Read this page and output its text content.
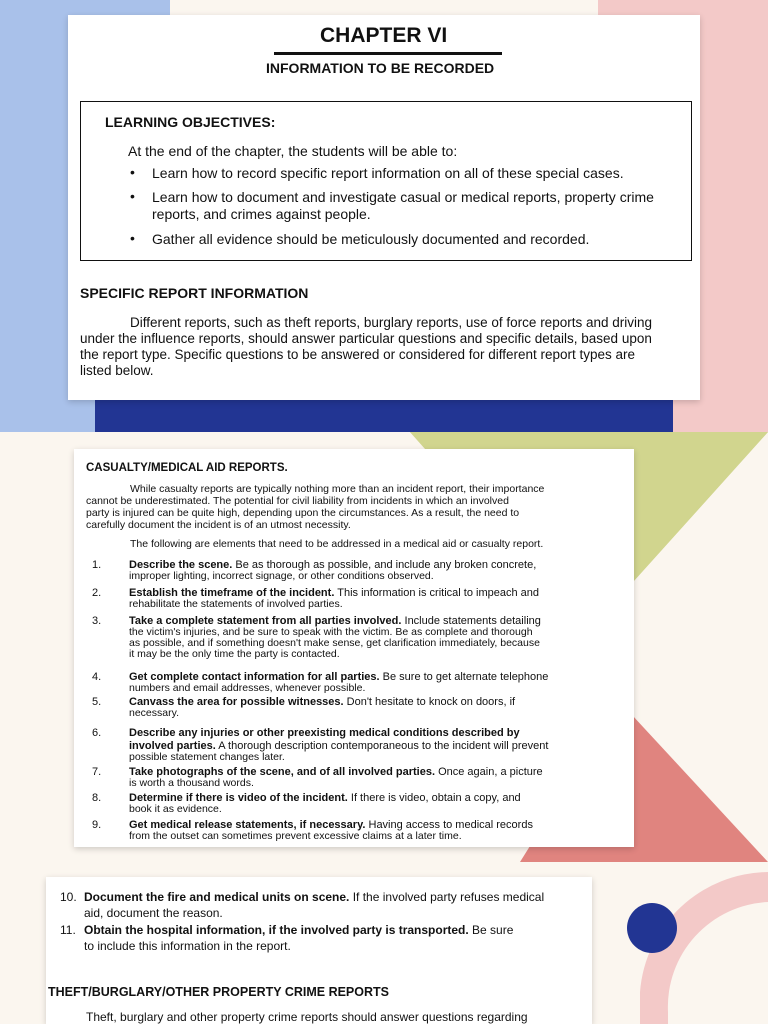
CHAPTER VI
INFORMATION TO BE RECORDED
LEARNING OBJECTIVES:
At the end of the chapter, the students will be able to:
• Learn how to record specific report information on all of these special cases.
• Learn how to document and investigate casual or medical reports, property crime
reports, and crimes against people.
• Gather all evidence should be meticulously documented and recorded.
SPECIFIC REPORT INFORMATION
Different reports, such as theft reports, burglary reports, use of force reports and driving
under the influence reports, should answer particular questions and specific details, based upon
the report type. Specific questions to be answered or considered for different report types are
listed below.
CASUALTY/MEDICAL AID REPORTS.
While casualty reports are typically nothing more than an incident report, their importance
cannot be underestimated. The potential for civil liability from incidents in which an involved
party is injured can be quite high, depending upon the circumstances. As a result, the need to
carefully document the incident is of an utmost necessity.
The following are elements that need to be addressed in a medical aid or casualty report.
1.	Describe the scene. Be as thorough as possible, and include any broken concrete,
improper lighting, incorrect signage, or other conditions observed.
2.	Establish the timeframe of the incident. This information is critical to impeach and
rehabilitate the statements of involved parties.
3.	Take a complete statement from all parties involved. Include statements detailing
the victim's injuries, and be sure to speak with the victim. Be as complete and thorough
as possible, and if something doesn't make sense, get clarification immediately, because
it may be the only time the party is contacted.
4.	Get complete contact information for all parties. Be sure to get alternate telephone
numbers and email addresses, whenever possible.
5.	Canvass the area for possible witnesses. Don't hesitate to knock on doors, if
necessary.
6.	Describe any injuries or other preexisting medical conditions described by
involved parties. A thorough description contemporaneous to the incident will prevent
possible statement changes later.
7.	Take photographs of the scene, and of all involved parties. Once again, a picture
is worth a thousand words.
8.	Determine if there is video of the incident. If there is video, obtain a copy, and
book it as evidence.
9.	Get medical release statements, if necessary. Having access to medical records
from the outset can sometimes prevent excessive claims at a later time.
10. Document the fire and medical units on scene. If the involved party refuses medical
aid, document the reason.
11. Obtain the hospital information, if the involved party is transported. Be sure
to include this information in the report.
THEFT/BURGLARY/OTHER PROPERTY CRIME REPORTS
Theft, burglary and other property crime reports should answer questions regarding
